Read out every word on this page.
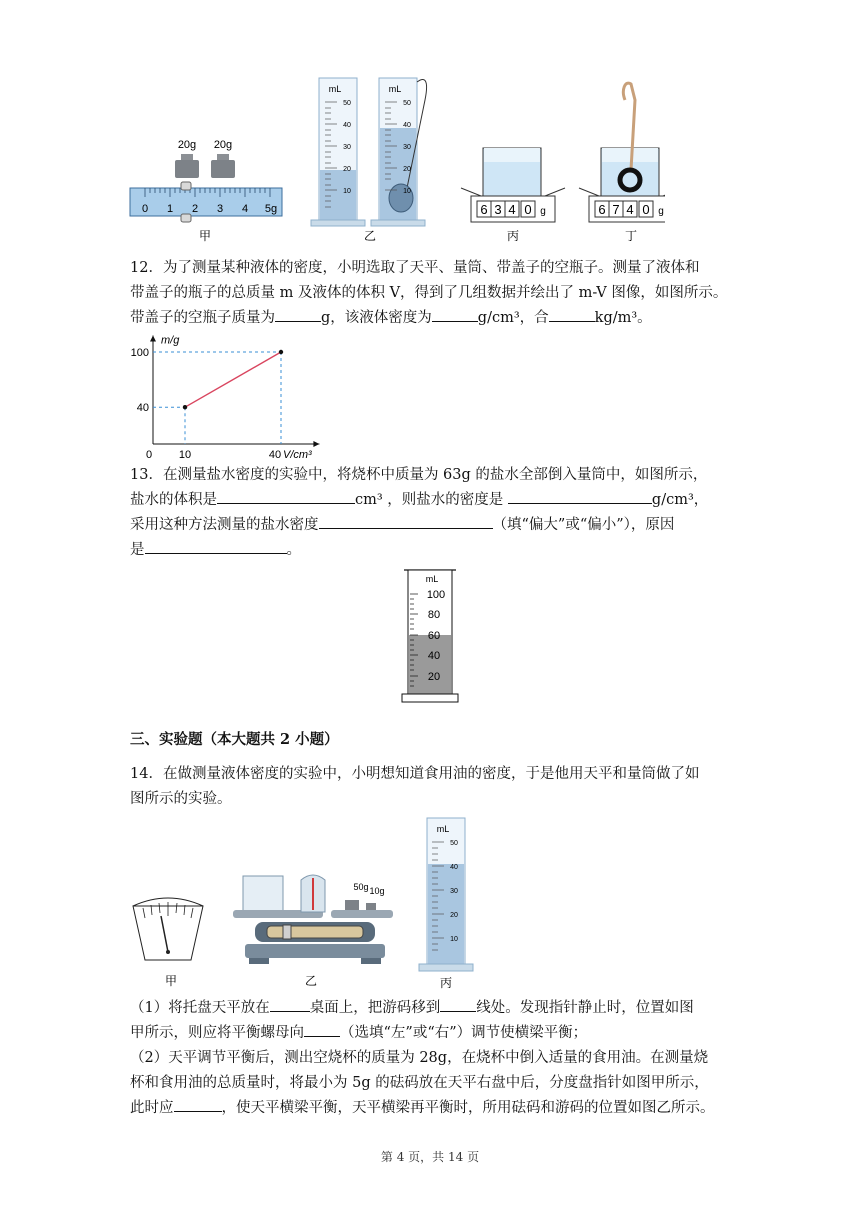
20g 20g
0 1 2 3 4 5g
甲
mL
50
40
30
20
10
mL
50
40
30
20
10
乙
6 3 4 0 g
丙
6 7 4 0 g
丁
12．为了测量某种液体的密度，小明选取了天平、量筒、带盖子的空瓶子。测量了液体和
带盖子的瓶子的总质量 m 及液体的体积 V，得到了几组数据并绘出了 m-V 图像，如图所示。
带盖子的空瓶子质量为	g，该液体密度为	g/cm³，合	kg/m³。
m/g
V/cm³
0 10	40
40
100
13．在测量盐水密度的实验中，将烧杯中质量为 63g 的盐水全部倒入量筒中，如图所示，
盐水的体积是	cm³ ，则盐水的密度是	g/cm³，
采用这种方法测量的盐水密度	（填“偏大”或“偏小”），原因
是	。
mL
100
80
60
40
20
三、实验题（本大题共 2 小题）
14．在做测量液体密度的实验中，小明想知道食用油的密度，于是他用天平和量筒做了如
图所示的实验。
甲
50g 10g
乙
mL
50
40
30
20
10
丙
（1）将托盘天平放在	桌面上，把游码移到 线处。发现指针静止时，位置如图
甲所示，则应将平衡螺母向 （选填“左”或“右”）调节使横梁平衡；
（2）天平调节平衡后，测出空烧杯的质量为 28g，在烧杯中倒入适量的食用油。在测量烧
杯和食用油的总质量时，将最小为 5g 的砝码放在天平右盘中后，分度盘指针如图甲所示，
此时应	，使天平横梁平衡，天平横梁再平衡时，所用砝码和游码的位置如图乙所示。
第 4 页，共 14 页
